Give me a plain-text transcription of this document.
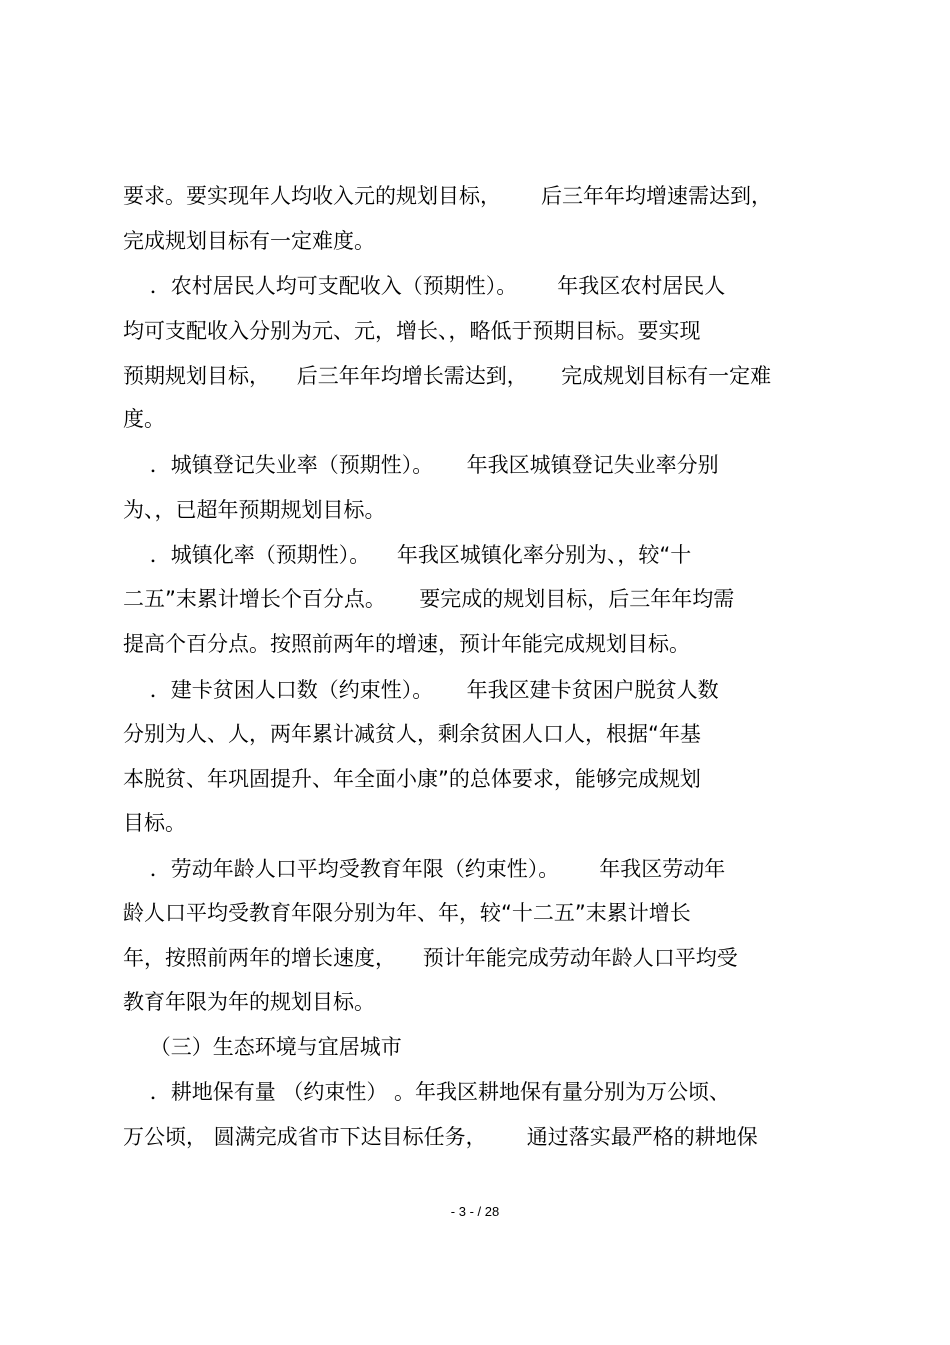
要求。要实现年人均收入元的规划目标，      后三年年均增速需达到，
完成规划目标有一定难度。
．农村居民人均可支配收入（预期性）。      年我区农村居民人
均可支配收入分别为元、元，增长、，略低于预期目标。要实现
预期规划目标，    后三年年均增长需达到，     完成规划目标有一定难
度。
．城镇登记失业率（预期性）。     年我区城镇登记失业率分别
为、，已超年预期规划目标。
．城镇化率（预期性）。    年我区城镇化率分别为、，较“十
二五”末累计增长个百分点。     要完成的规划目标，后三年年均需
提高个百分点。按照前两年的增速，预计年能完成规划目标。
．建卡贫困人口数（约束性）。     年我区建卡贫困户脱贫人数
分别为人、人，两年累计减贫人，剩余贫困人口人，根据“年基
本脱贫、年巩固提升、年全面小康”的总体要求，能够完成规划
目标。
．劳动年龄人口平均受教育年限（约束性）。      年我区劳动年
龄人口平均受教育年限分别为年、年，较“十二五”末累计增长
年，按照前两年的增长速度，    预计年能完成劳动年龄人口平均受
教育年限为年的规划目标。
（三）生态环境与宜居城市
．耕地保有量 （约束性） 。年我区耕地保有量分别为万公顷、
万公顷， 圆满完成省市下达目标任务，      通过落实最严格的耕地保
- 3 - / 28
